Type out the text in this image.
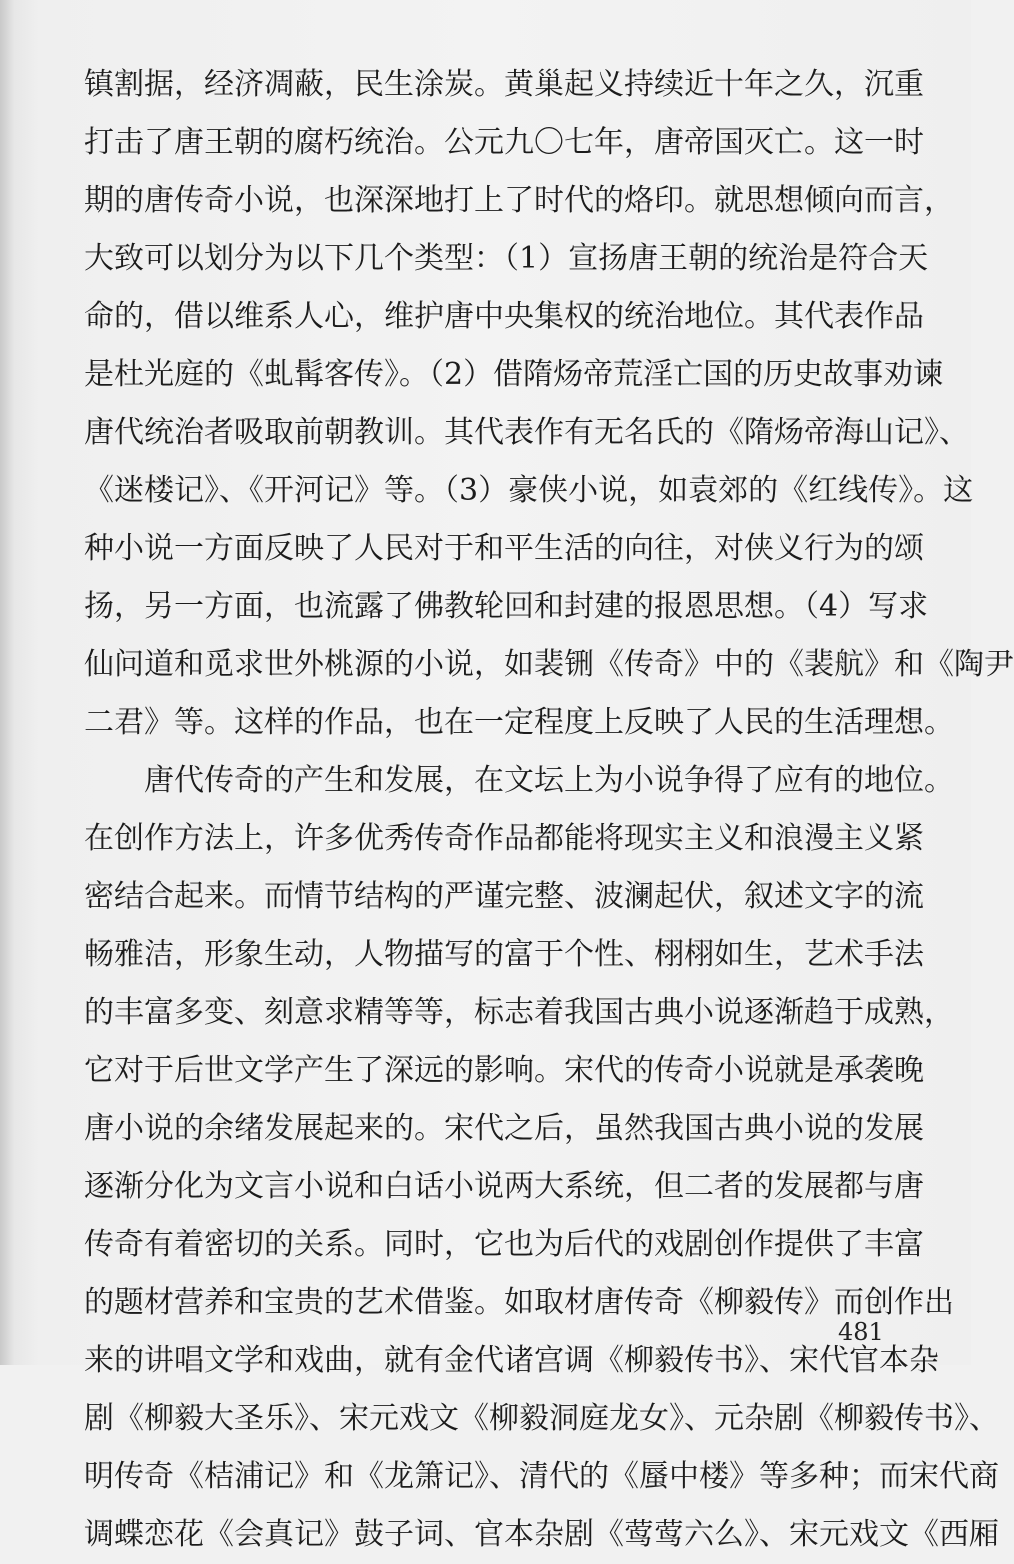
镇割据，经济凋蔽，民生涂炭。黄巢起义持续近十年之久，沉重
打击了唐王朝的腐朽统治。公元九〇七年，唐帝国灭亡。这一时
期的唐传奇小说，也深深地打上了时代的烙印。就思想倾向而言，
大致可以划分为以下几个类型：（1）宣扬唐王朝的统治是符合天
命的，借以维系人心，维护唐中央集权的统治地位。其代表作品
是杜光庭的《虬髯客传》。（2）借隋炀帝荒淫亡国的历史故事劝谏
唐代统治者吸取前朝教训。其代表作有无名氏的《隋炀帝海山记》、
《迷楼记》、《开河记》等。（3）豪侠小说，如袁郊的《红线传》。这
种小说一方面反映了人民对于和平生活的向往，对侠义行为的颂
扬，另一方面，也流露了佛教轮回和封建的报恩思想。（4）写求
仙问道和觅求世外桃源的小说，如裴铏《传奇》中的《裴航》和《陶尹
二君》等。这样的作品，也在一定程度上反映了人民的生活理想。
　　唐代传奇的产生和发展，在文坛上为小说争得了应有的地位。
在创作方法上，许多优秀传奇作品都能将现实主义和浪漫主义紧
密结合起来。而情节结构的严谨完整、波澜起伏，叙述文字的流
畅雅洁，形象生动，人物描写的富于个性、栩栩如生，艺术手法
的丰富多变、刻意求精等等，标志着我国古典小说逐渐趋于成熟，
它对于后世文学产生了深远的影响。宋代的传奇小说就是承袭晚
唐小说的余绪发展起来的。宋代之后，虽然我国古典小说的发展
逐渐分化为文言小说和白话小说两大系统，但二者的发展都与唐
传奇有着密切的关系。同时，它也为后代的戏剧创作提供了丰富
的题材营养和宝贵的艺术借鉴。如取材唐传奇《柳毅传》而创作出
来的讲唱文学和戏曲，就有金代诸宫调《柳毅传书》、宋代官本杂
剧《柳毅大圣乐》、宋元戏文《柳毅洞庭龙女》、元杂剧《柳毅传书》、
明传奇《桔浦记》和《龙箫记》、清代的《蜃中楼》等多种；而宋代商
调蝶恋花《会真记》鼓子词、官本杂剧《莺莺六么》、宋元戏文《西厢
481
